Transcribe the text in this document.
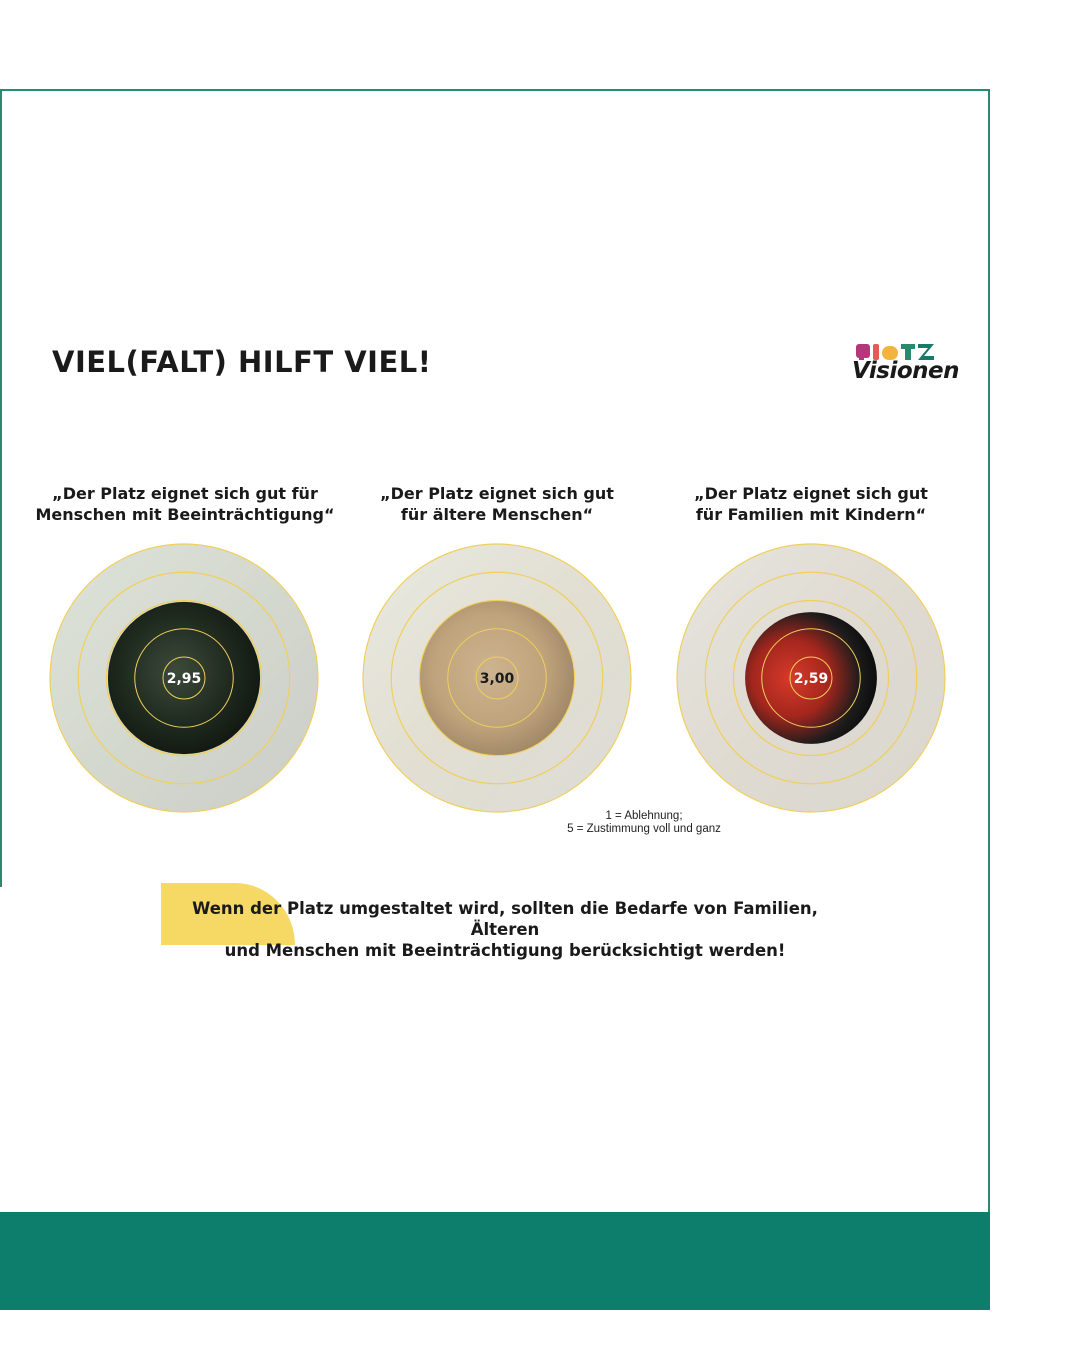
VIEL(FALT) HILFT VIEL!	Visionen
„Der Platz eignet sich gut für
Menschen mit Beeinträchtigung“
„Der Platz eignet sich gut
für ältere Menschen“
„Der Platz eignet sich gut
für Familien mit Kindern“
2,95	3,00	2,59
1 = Ablehnung;
5 = Zustimmung voll und ganz
Wenn der Platz umgestaltet wird, sollten die Bedarfe von Familien, Älteren
und Menschen mit Beeinträchtigung berücksichtigt werden!
